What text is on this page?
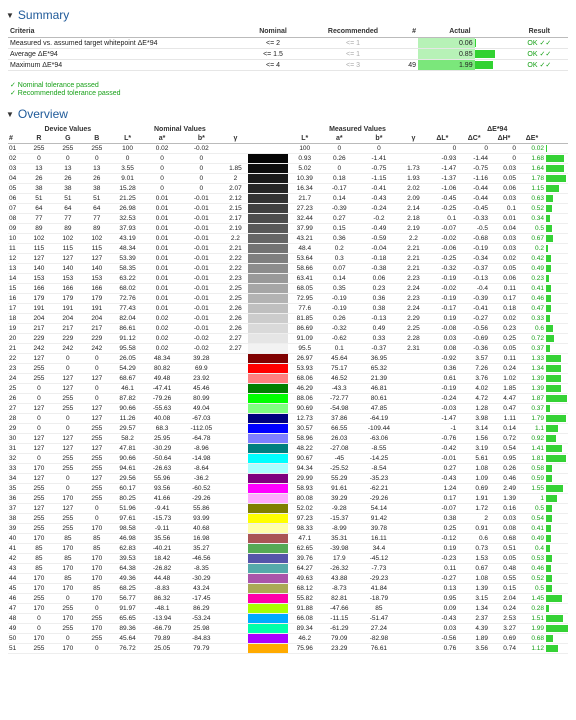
▼ Summary
Criteria	Nominal	Recommended	#	Actual		Result
Measured vs. assumed target whitepoint ΔE*94	<= 2	<= 1		0.06		OK ✓✓
Average ΔE*94	<= 1.5	<= 1		0.85		OK ✓✓
Maximum ΔE*94	<= 4	<= 3	49	1.99		OK ✓✓
✓ Nominal tolerance passed
✓ Recommended tolerance passed
▼ Overview
	Device Values			Nominal Values					Measured Values				ΔE*94				
#	R	G	B	L*	a*	b*	γ		L*	a*	b*	γ	ΔL*	ΔC*	ΔH*	ΔE*	
01	255	255	255	100	0.02	-0.02			100	0	0		0	0	0	0.02	

02	0	0	0	0	0	0			0.93	0.26	-1.41		-0.93	-1.44	0	1.68	

03	13	13	13	3.55	0	0	1.85		5.02	0	-0.75	1.73	-1.47	-0.75	0.03	1.64	

04	26	26	26	9.01	0	0	2		10.39	0.18	-1.15	1.93	-1.37	-1.16	0.05	1.78	

05	38	38	38	15.28	0	0	2.07		16.34	-0.17	-0.41	2.02	-1.06	-0.44	0.06	1.15	

06	51	51	51	21.25	0.01	-0.01	2.12		21.7	0.14	-0.43	2.09	-0.45	-0.44	0.03	0.63	

07	64	64	64	26.98	0.01	-0.01	2.15		27.23	-0.39	-0.24	2.14	-0.25	-0.45	0.1	0.52	

08	77	77	77	32.53	0.01	-0.01	2.17		32.44	0.27	-0.2	2.18	0.1	-0.33	0.01	0.34	

09	89	89	89	37.93	0.01	-0.01	2.19		37.99	0.15	-0.49	2.19	-0.07	-0.5	0.04	0.5	

10	102	102	102	43.19	0.01	-0.01	2.2		43.21	0.36	-0.59	2.2	-0.02	-0.68	0.03	0.67	

11	115	115	115	48.34	0.01	-0.01	2.21		48.4	0.2	-0.04	2.21	-0.06	-0.19	0.03	0.2	

12	127	127	127	53.39	0.01	-0.01	2.22		53.64	0.3	-0.18	2.21	-0.25	-0.34	0.02	0.42	

13	140	140	140	58.35	0.01	-0.01	2.22		58.66	0.07	-0.38	2.21	-0.32	-0.37	0.05	0.49	

14	153	153	153	63.22	0.01	-0.01	2.23		63.41	0.14	0.06	2.23	-0.19	-0.13	0.06	0.23	

15	166	166	166	68.02	0.01	-0.01	2.25		68.05	0.35	0.23	2.24	-0.02	-0.4	0.11	0.41	

16	179	179	179	72.76	0.01	-0.01	2.25		72.95	-0.19	0.36	2.23	-0.19	-0.39	0.17	0.46	

17	191	191	191	77.43	0.01	-0.01	2.26		77.6	-0.19	0.38	2.24	-0.17	-0.41	0.18	0.47	

18	204	204	204	82.04	0.02	-0.01	2.26		81.85	0.26	-0.13	2.29	0.19	-0.27	0.02	0.33	

19	217	217	217	86.61	0.02	-0.01	2.26		86.69	-0.32	0.49	2.25	-0.08	-0.56	0.23	0.6	

20	229	229	229	91.12	0.02	-0.02	2.27		91.09	-0.62	0.33	2.28	0.03	-0.69	0.25	0.72	

21	242	242	242	95.58	0.02	-0.02	2.27		95.5	0.1	-0.37	2.31	0.08	-0.36	0.05	0.37	

22	127	0	0	26.05	48.34	39.28			26.97	45.64	36.95		-0.92	3.57	0.11	1.33	

23	255	0	0	54.29	80.82	69.9			53.93	75.17	65.32		0.36	7.26	0.24	1.34	

24	255	127	127	68.67	49.48	23.92			68.06	46.52	21.39		0.61	3.76	1.02	1.39	

25	0	127	0	46.1	-47.41	45.46			46.29	-43.3	46.81		-0.19	4.02	1.85	1.39	

26	0	255	0	87.82	-79.26	80.99			88.06	-72.77	80.61		-0.24	4.72	4.47	1.87	

27	127	255	127	90.66	-55.63	49.04			90.69	-54.98	47.85		-0.03	1.28	0.47	0.37	

28	0	0	127	11.26	40.08	-67.03			12.73	37.86	-64.19		-1.47	3.98	1.11	1.79	

29	0	0	255	29.57	68.3	-112.05			30.57	66.55	-109.44		-1	3.14	0.14	1.1	

30	127	127	255	58.2	25.95	-64.78			58.96	26.03	-63.06		-0.76	1.56	0.72	0.92	

31	127	127	127	47.81	-30.29	-8.96			48.22	-27.08	-8.55		-0.42	3.19	0.54	1.41	

32	0	255	255	90.66	-50.64	-14.98			90.67	-45	-14.25		-0.01	5.61	0.95	1.81	

33	170	255	255	94.61	-26.63	-8.64			94.34	-25.52	-8.54		0.27	1.08	0.26	0.58	

34	127	0	127	29.56	55.96	-36.2			29.99	55.29	-35.23		-0.43	1.09	0.46	0.59	

35	255	0	255	60.17	93.56	-60.52			58.93	91.61	-62.21		1.24	0.69	2.49	1.55	

36	255	170	255	80.25	41.66	-29.26			80.08	39.29	-29.26		0.17	1.91	1.39	1	

37	127	127	0	51.96	-9.41	55.86			52.02	-9.28	54.14		-0.07	1.72	0.16	0.5	

38	255	255	0	97.61	-15.73	93.99			97.23	-15.37	91.42		0.38	2	0.03	0.54	

39	255	255	170	98.58	-9.11	40.68			98.33	-8.99	39.78		0.25	0.91	0.08	0.41	

40	170	85	85	46.98	35.56	16.98			47.1	35.31	16.11		-0.12	0.6	0.68	0.49	

41	85	170	85	62.83	-40.21	35.27			62.65	-39.98	34.4		0.19	0.73	0.51	0.4	

42	85	85	170	39.53	18.42	-46.56			39.76	17.9	-45.12		-0.23	1.53	0.05	0.53	

43	85	170	170	64.38	-26.82	-8.35			64.27	-26.32	-7.73		0.11	0.67	0.48	0.46	

44	170	85	170	49.36	44.48	-30.29			49.63	43.88	-29.23		-0.27	1.08	0.55	0.52	

45	170	170	85	68.25	-8.83	43.24			68.12	-8.73	41.84		0.13	1.39	0.15	0.5	

46	255	0	170	56.77	86.32	-17.45			55.82	82.81	-18.79		0.95	3.15	2.04	1.45	

47	170	255	0	91.97	-48.1	86.29			91.88	-47.66	85		0.09	1.34	0.24	0.28	

48	0	170	255	65.65	-13.94	-53.24			66.08	-11.15	-51.47		-0.43	2.37	2.53	1.51	

49	0	255	170	89.36	-66.79	25.98			89.34	-61.29	27.24		0.03	4.39	3.27	1.99	

50	170	0	255	45.64	79.89	-84.83			46.2	79.09	-82.98		-0.56	1.89	0.69	0.68	

51	255	170	0	76.72	25.05	79.79			75.96	23.29	76.61		0.76	3.56	0.74	1.12	
